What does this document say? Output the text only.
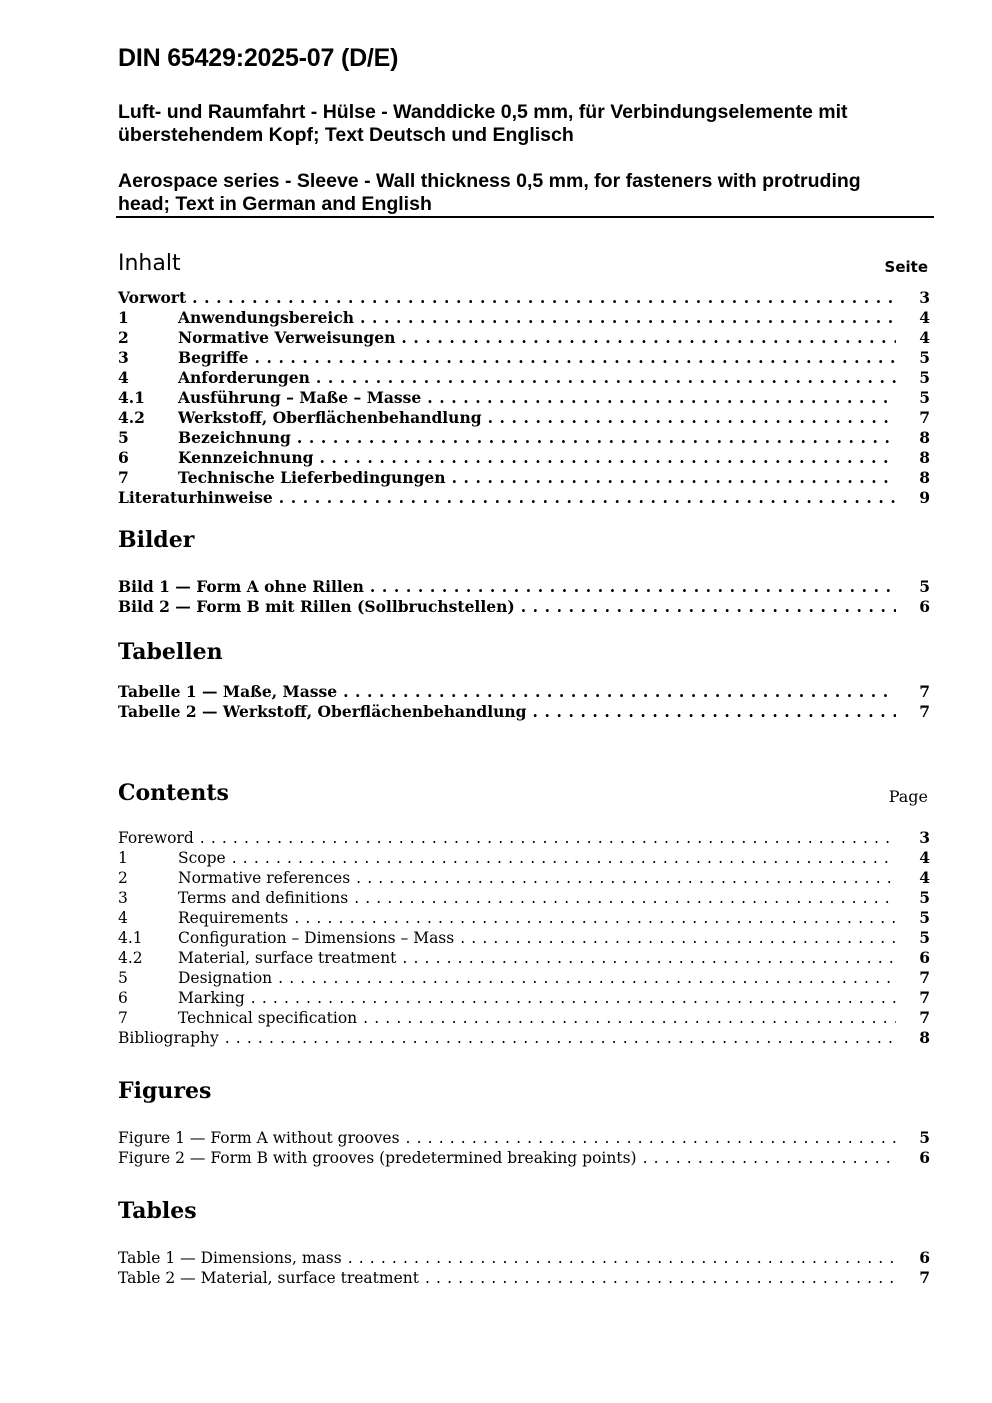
DIN 65429:2025-07 (D/E)
Luft- und Raumfahrt - Hülse - Wanddicke 0,5 mm, für Verbindungselemente mit überstehendem Kopf; Text Deutsch und Englisch
Aerospace series - Sleeve - Wall thickness 0,5 mm, for fasteners with protruding head; Text in German and English
Inhalt	Seite
Vorwort . . .	3
1	Anwendungsbereich . . .	4
2	Normative Verweisungen . . .	4
3	Begriffe . . .	5
4	Anforderungen . . .	5
4.1	Ausführung – Maße – Masse . . .	5
4.2	Werkstoff, Oberflächenbehandlung . . .	7
5	Bezeichnung . . .	8
6	Kennzeichnung . . .	8
7	Technische Lieferbedingungen . . .	8
Literaturhinweise . . .	9
Bilder
Bild 1 — Form A ohne Rillen . . .	5
Bild 2 — Form B mit Rillen (Sollbruchstellen) . . .	6
Tabellen
Tabelle 1 — Maße, Masse . . .	7
Tabelle 2 — Werkstoff, Oberflächenbehandlung . . .	7
Contents	Page
Foreword . . .	3
1	Scope . . .	4
2	Normative references . . .	4
3	Terms and definitions . . .	5
4	Requirements . . .	5
4.1	Configuration – Dimensions – Mass . . .	5
4.2	Material, surface treatment . . .	6
5	Designation . . .	7
6	Marking . . .	7
7	Technical specification . . .	7
Bibliography . . .	8
Figures
Figure 1 — Form A without grooves . . .	5
Figure 2 — Form B with grooves (predetermined breaking points) . . .	6
Tables
Table 1 — Dimensions, mass . . .	6
Table 2 — Material, surface treatment . . .	7
